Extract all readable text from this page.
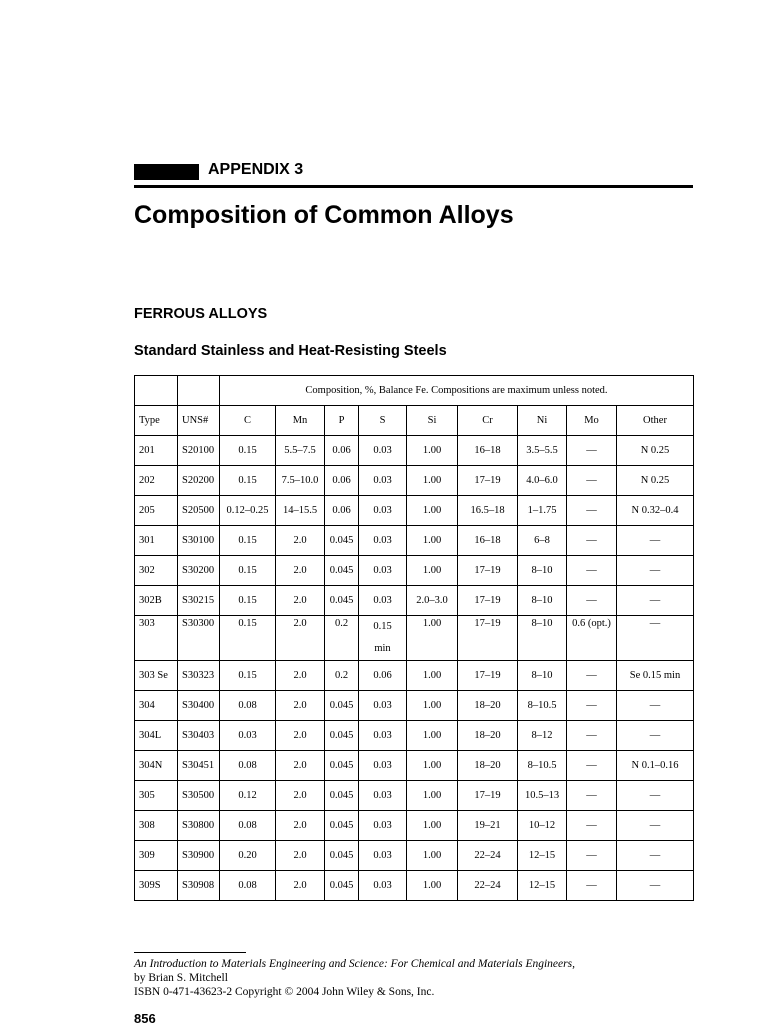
APPENDIX 3
Composition of Common Alloys
FERROUS ALLOYS
Standard Stainless and Heat-Resisting Steels
		Composition, %, Balance Fe. Compositions are maximum unless noted.								
Type	UNS#	C	Mn	P	S	Si	Cr	Ni	Mo	Other
201	S20100	0.15	5.5–7.5	0.06	0.03	1.00	16–18	3.5–5.5	—	N 0.25
202	S20200	0.15	7.5–10.0	0.06	0.03	1.00	17–19	4.0–6.0	—	N 0.25
205	S20500	0.12–0.25	14–15.5	0.06	0.03	1.00	16.5–18	1–1.75	—	N 0.32–0.4
301	S30100	0.15	2.0	0.045	0.03	1.00	16–18	6–8	—	—
302	S30200	0.15	2.0	0.045	0.03	1.00	17–19	8–10	—	—
302B	S30215	0.15	2.0	0.045	0.03	2.0–3.0	17–19	8–10	—	—
303	S30300	0.15	2.0	0.2	0.15 min	1.00	17–19	8–10	0.6 (opt.)	—
303 Se	S30323	0.15	2.0	0.2	0.06	1.00	17–19	8–10	—	Se 0.15 min
304	S30400	0.08	2.0	0.045	0.03	1.00	18–20	8–10.5	—	—
304L	S30403	0.03	2.0	0.045	0.03	1.00	18–20	8–12	—	—
304N	S30451	0.08	2.0	0.045	0.03	1.00	18–20	8–10.5	—	N 0.1–0.16
305	S30500	0.12	2.0	0.045	0.03	1.00	17–19	10.5–13	—	—
308	S30800	0.08	2.0	0.045	0.03	1.00	19–21	10–12	—	—
309	S30900	0.20	2.0	0.045	0.03	1.00	22–24	12–15	—	—
309S	S30908	0.08	2.0	0.045	0.03	1.00	22–24	12–15	—	—
An Introduction to Materials Engineering and Science: For Chemical and Materials Engineers,
by Brian S. Mitchell
ISBN 0-471-43623-2 Copyright © 2004 John Wiley & Sons, Inc.
856
